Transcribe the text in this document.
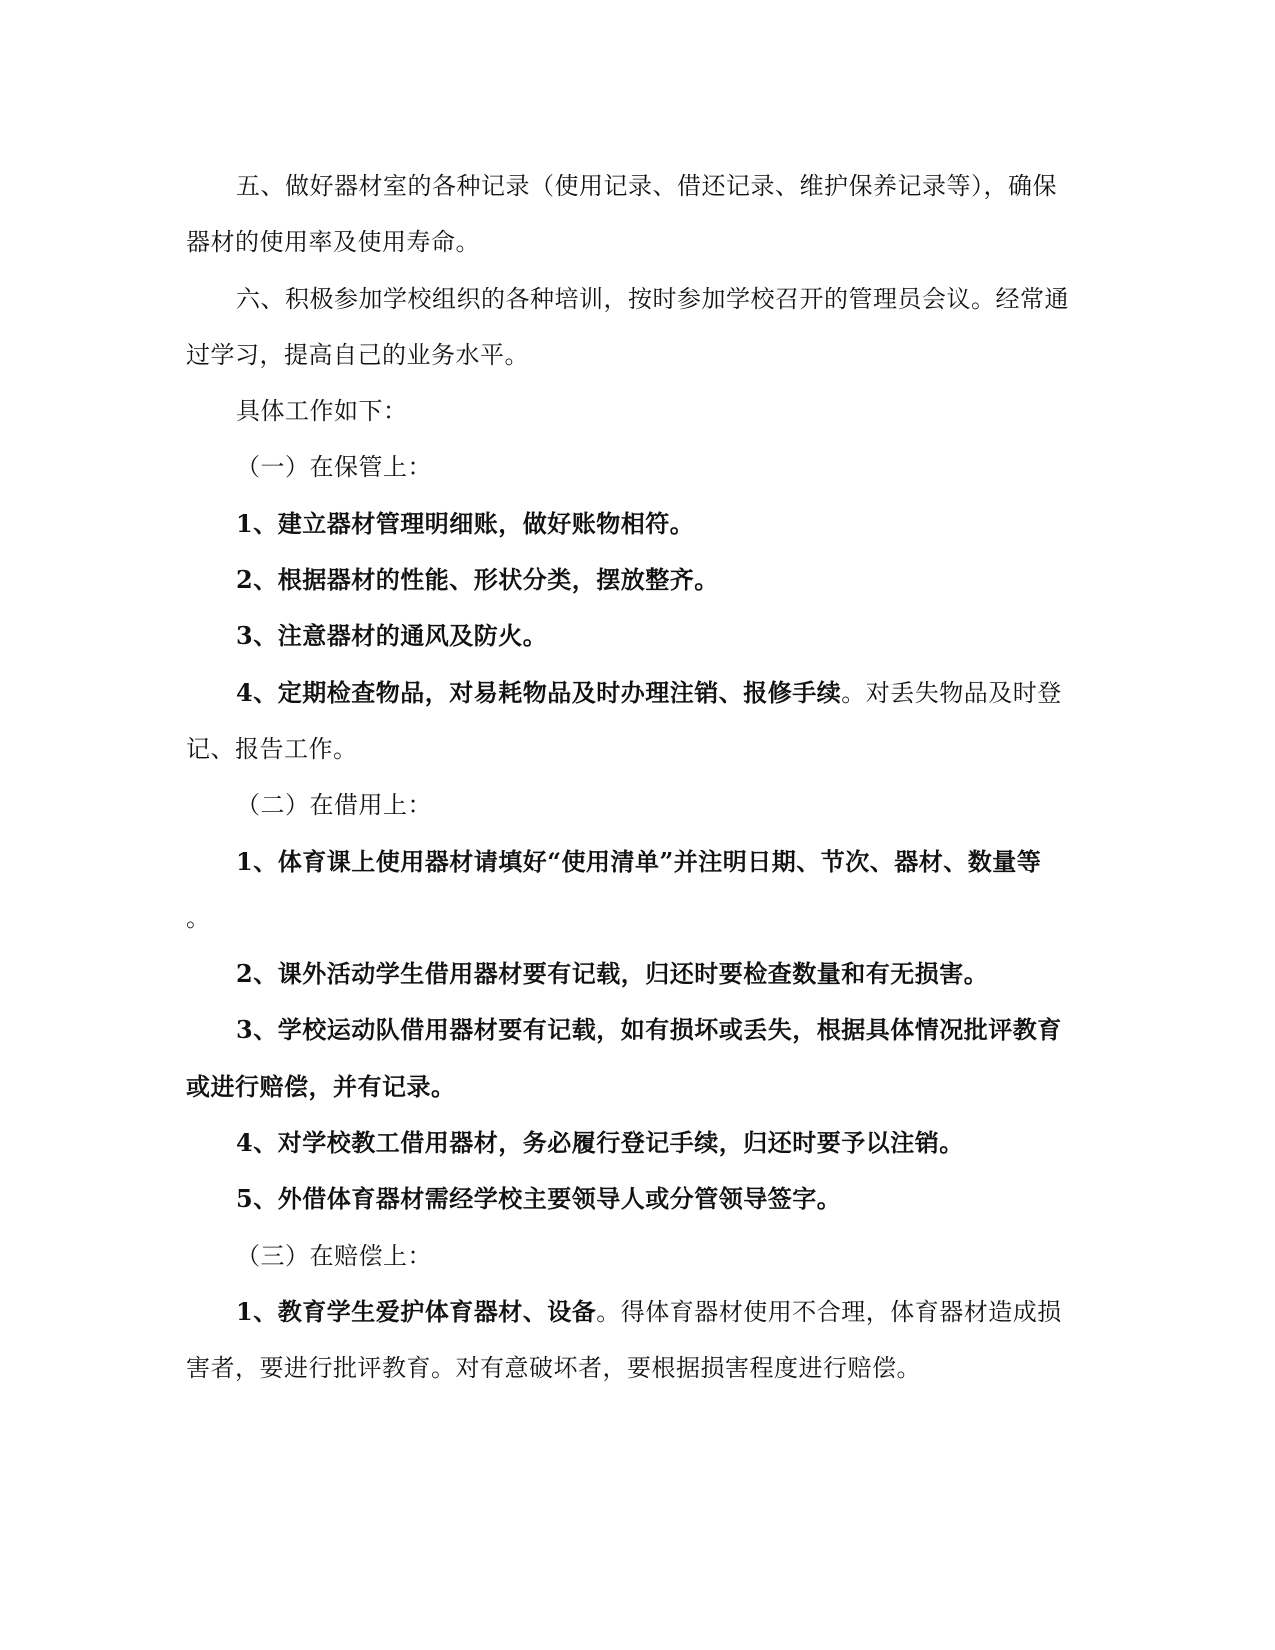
五、做好器材室的各种记录（使用记录、借还记录、维护保养记录等），确保
器材的使用率及使用寿命。
六、积极参加学校组织的各种培训，按时参加学校召开的管理员会议。经常通
过学习，提高自己的业务水平。
具体工作如下：
（一）在保管上：
1、建立器材管理明细账，做好账物相符。
2、根据器材的性能、形状分类，摆放整齐。
3、注意器材的通风及防火。
4、定期检查物品，对易耗物品及时办理注销、报修手续。对丢失物品及时登
记、报告工作。
（二）在借用上：
1、体育课上使用器材请填好“使用清单”并注明日期、节次、器材、数量等
。
2、课外活动学生借用器材要有记载，归还时要检查数量和有无损害。
3、学校运动队借用器材要有记载，如有损坏或丢失，根据具体情况批评教育
或进行赔偿，并有记录。
4、对学校教工借用器材，务必履行登记手续，归还时要予以注销。
5、外借体育器材需经学校主要领导人或分管领导签字。
（三）在赔偿上：
1、教育学生爱护体育器材、设备。得体育器材使用不合理，体育器材造成损
害者，要进行批评教育。对有意破坏者，要根据损害程度进行赔偿。
